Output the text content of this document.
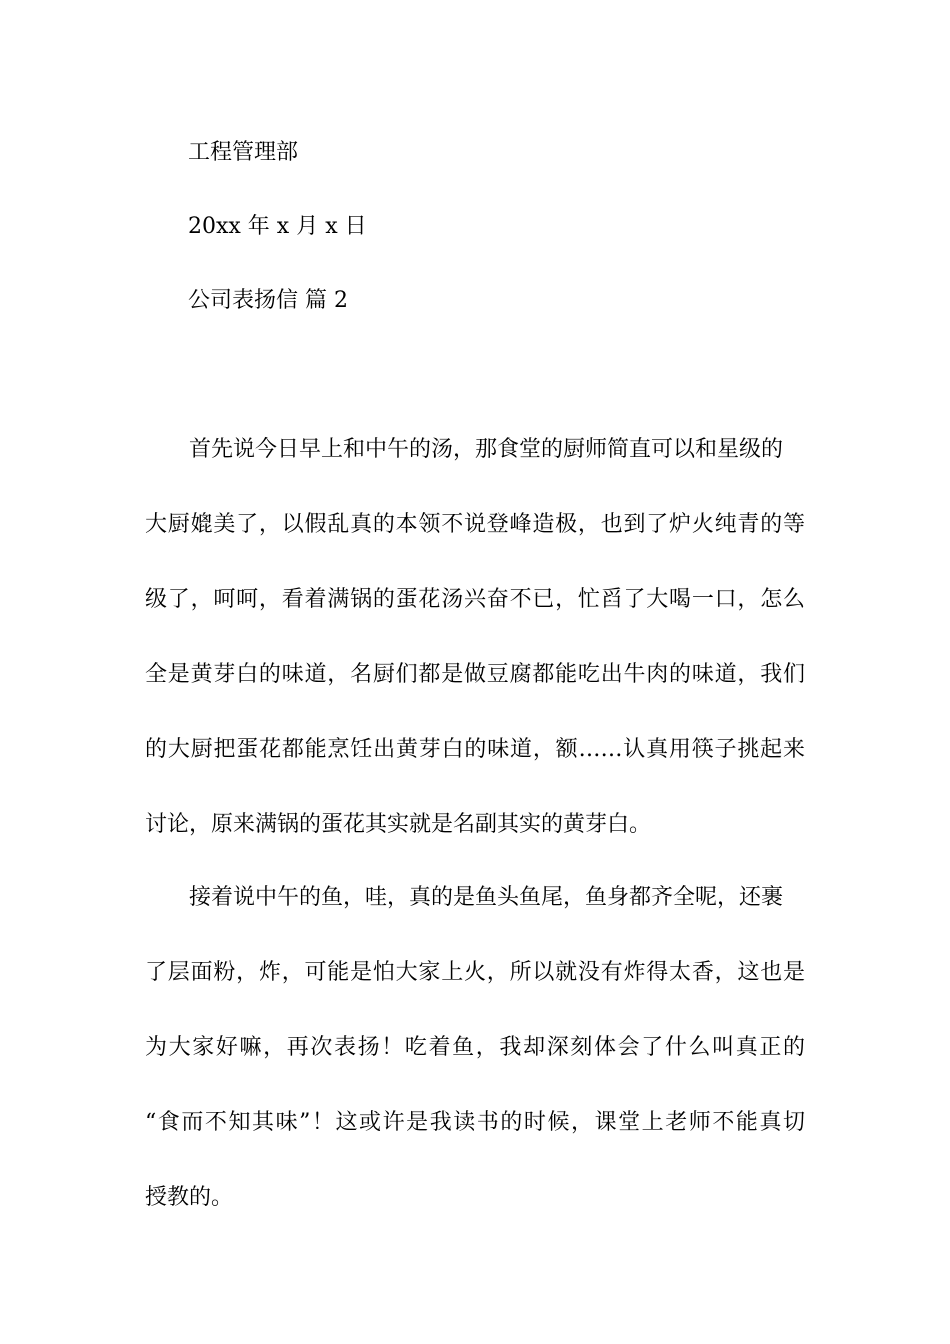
工程管理部
20xx 年 x 月 x 日
公司表扬信 篇 2
首先说今日早上和中午的汤，那食堂的厨师简直可以和星级的
大厨媲美了，以假乱真的本领不说登峰造极，也到了炉火纯青的等
级了，呵呵，看着满锅的蛋花汤兴奋不已，忙舀了大喝一口，怎么
全是黄芽白的味道，名厨们都是做豆腐都能吃出牛肉的味道，我们
的大厨把蛋花都能烹饪出黄芽白的味道，额……认真用筷子挑起来
讨论，原来满锅的蛋花其实就是名副其实的黄芽白。
接着说中午的鱼，哇，真的是鱼头鱼尾，鱼身都齐全呢，还裹
了层面粉，炸，可能是怕大家上火，所以就没有炸得太香，这也是
为大家好嘛，再次表扬！吃着鱼，我却深刻体会了什么叫真正的
“食而不知其味”！这或许是我读书的时候，课堂上老师不能真切
授教的。
